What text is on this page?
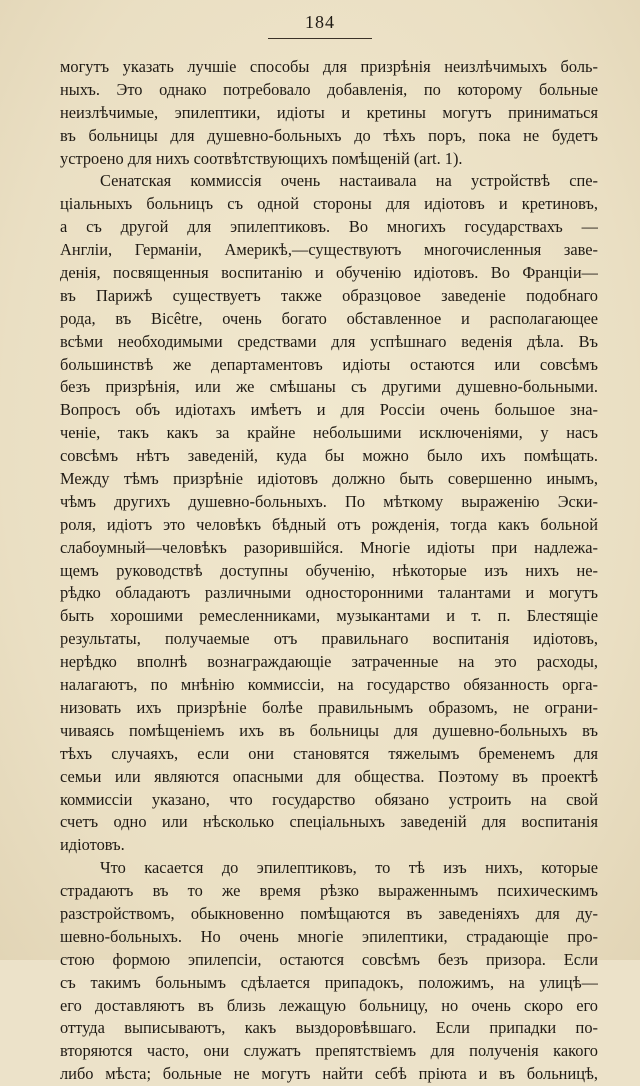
184
могутъ указать лучшіе способы для призрѣнія неизлѣчимыхъ боль-
ныхъ. Это однако потребовало добавленія, по которому больные
неизлѣчимые, эпилептики, идіоты и кретины могутъ приниматься
въ больницы для душевно-больныхъ до тѣхъ поръ, пока не будетъ
устроено для нихъ соотвѣтствующихъ помѣщеній (art. 1).
Сенатская коммиссія очень настаивала на устройствѣ спе-
ціальныхъ больницъ съ одной стороны для идіотовъ и кретиновъ,
а съ другой для эпилептиковъ. Во многихъ государствахъ —
Англіи, Германіи, Америкѣ,—существуютъ многочисленныя заве-
денія, посвященныя воспитанію и обученію идіотовъ. Во Франціи—
въ Парижѣ существуетъ также образцовое заведеніе подобнаго
рода, въ Bicêtre, очень богато обставленное и располагающее
всѣми необходимыми средствами для успѣшнаго веденія дѣла. Въ
большинствѣ же департаментовъ идіоты остаются или совсѣмъ
безъ призрѣнія, или же смѣшаны съ другими душевно-больными.
Вопросъ объ идіотахъ имѣетъ и для Россіи очень большое зна-
ченіе, такъ какъ за крайне небольшими исключеніями, у насъ
совсѣмъ нѣтъ заведеній, куда бы можно было ихъ помѣщать.
Между тѣмъ призрѣніе идіотовъ должно быть совершенно инымъ,
чѣмъ другихъ душевно-больныхъ. По мѣткому выраженію Эски-
роля, идіотъ это человѣкъ бѣдный отъ рожденія, тогда какъ больной
слабоумный—человѣкъ разорившійся. Многіе идіоты при надлежа-
щемъ руководствѣ доступны обученію, нѣкоторые изъ нихъ не-
рѣдко обладаютъ различными односторонними талантами и могутъ
быть хорошими ремесленниками, музыкантами и т. п. Блестящіе
результаты, получаемые отъ правильнаго воспитанія идіотовъ,
нерѣдко вполнѣ вознаграждающіе затраченные на это расходы,
налагаютъ, по мнѣнію коммиссіи, на государство обязанность орга-
низовать ихъ призрѣніе болѣе правильнымъ образомъ, не ограни-
чиваясь помѣщеніемъ ихъ въ больницы для душевно-больныхъ въ
тѣхъ случаяхъ, если они становятся тяжелымъ бременемъ для
семьи или являются опасными для общества. Поэтому въ проектѣ
коммиссіи указано, что государство обязано устроить на свой
счетъ одно или нѣсколько спеціальныхъ заведеній для воспитанія
идіотовъ.
Что касается до эпилептиковъ, то тѣ изъ нихъ, которые
страдаютъ въ то же время рѣзко выраженнымъ психическимъ
разстройствомъ, обыкновенно помѣщаются въ заведеніяхъ для ду-
шевно-больныхъ. Но очень многіе эпилептики, страдающіе про-
стою формою эпилепсіи, остаются совсѣмъ безъ призора. Если
съ такимъ больнымъ сдѣлается припадокъ, положимъ, на улицѣ—
его доставляютъ въ близь лежащую больницу, но очень скоро его
оттуда выписываютъ, какъ выздоровѣвшаго. Если припадки по-
вторяются часто, они служатъ препятствіемъ для полученія какого
либо мѣста; больные не могутъ найти себѣ пріюта и въ больницѣ,
